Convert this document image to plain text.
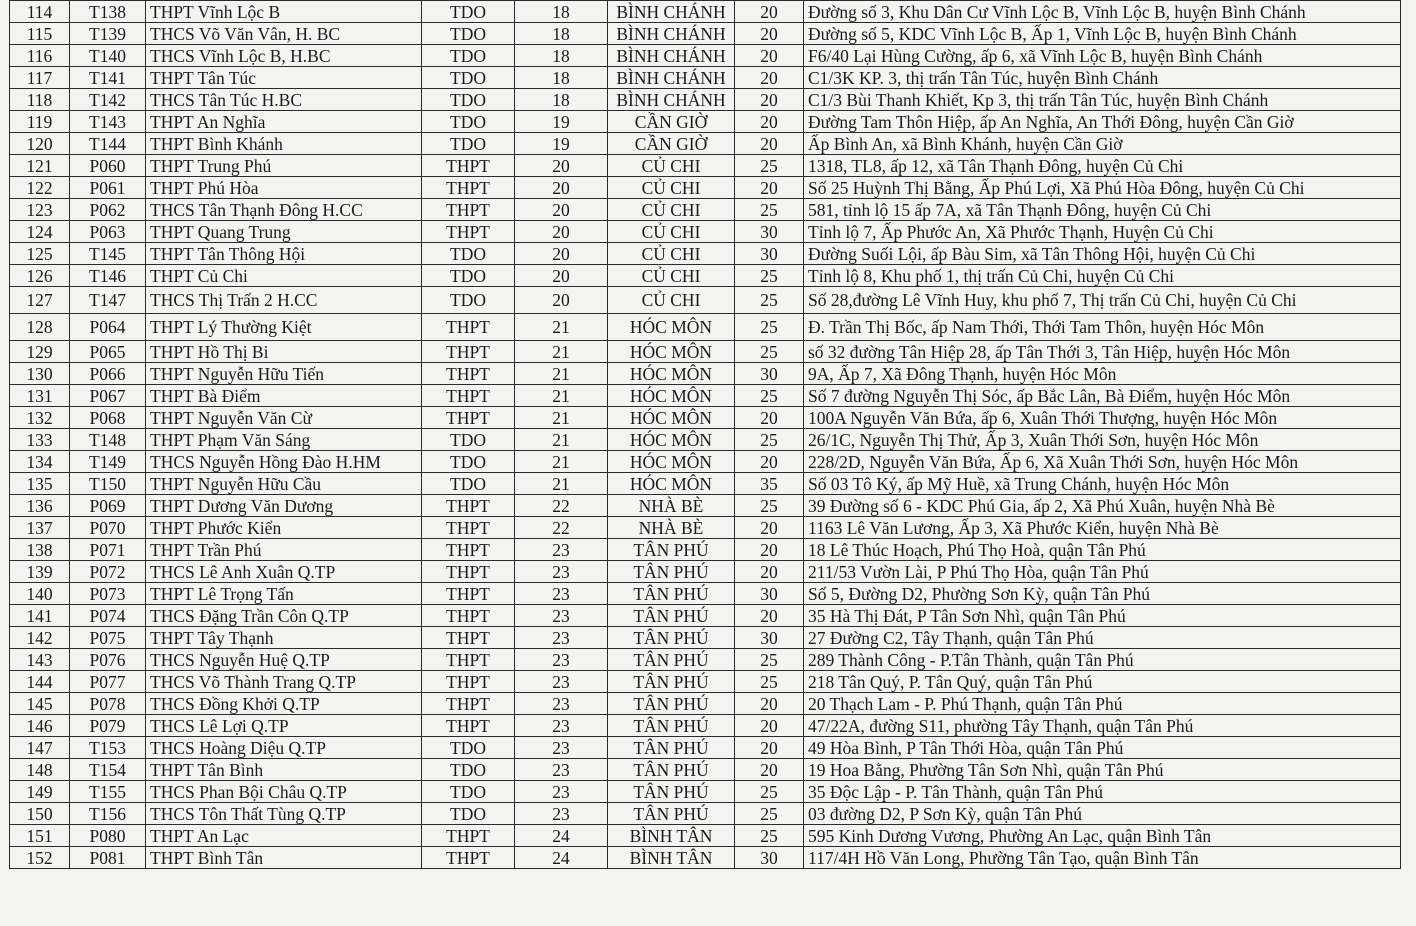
114	T138	THPT Vĩnh Lộc B	TDO	18	BÌNH CHÁNH	20	Đường số 3, Khu Dân Cư Vĩnh Lộc B, Vĩnh Lộc B, huyện Bình Chánh
115	T139	THCS Võ Văn Vân, H. BC	TDO	18	BÌNH CHÁNH	20	Đường số 5, KDC Vĩnh Lộc B, Ấp 1, Vĩnh Lộc B, huyện Bình Chánh
116	T140	THCS Vĩnh Lộc B, H.BC	TDO	18	BÌNH CHÁNH	20	F6/40 Lại Hùng Cường, ấp 6, xã Vĩnh Lộc B, huyện Bình Chánh
117	T141	THPT Tân Túc	TDO	18	BÌNH CHÁNH	20	C1/3K KP. 3, thị trấn Tân Túc, huyện Bình Chánh
118	T142	THCS Tân Túc H.BC	TDO	18	BÌNH CHÁNH	20	C1/3 Bùi Thanh Khiết, Kp 3, thị trấn Tân Túc, huyện Bình Chánh
119	T143	THPT An Nghĩa	TDO	19	CẦN GIỜ	20	Đường Tam Thôn Hiệp, ấp An Nghĩa, An Thới Đông, huyện Cần Giờ
120	T144	THPT Bình Khánh	TDO	19	CẦN GIỜ	20	Ấp Bình An, xã Bình Khánh, huyện Cần Giờ
121	P060	THPT Trung Phú	THPT	20	CỦ CHI	25	1318, TL8, ấp 12, xã Tân Thạnh Đông, huyện Củ Chi
122	P061	THPT Phú Hòa	THPT	20	CỦ CHI	20	Số 25 Huỳnh Thị Bằng, Ấp Phú Lợi, Xã Phú Hòa Đông, huyện Củ Chi
123	P062	THCS Tân Thạnh Đông H.CC	THPT	20	CỦ CHI	25	581, tỉnh lộ 15 ấp 7A, xã Tân Thạnh Đông, huyện Củ Chi
124	P063	THPT Quang Trung	THPT	20	CỦ CHI	30	Tỉnh lộ 7, Ấp Phước An, Xã Phước Thạnh, Huyện Củ Chi
125	T145	THPT Tân Thông Hội	TDO	20	CỦ CHI	30	Đường Suối Lội, ấp Bàu Sim, xã Tân Thông Hội, huyện Củ Chi
126	T146	THPT Củ Chi	TDO	20	CỦ CHI	25	Tỉnh lộ 8, Khu phố 1, thị trấn Củ Chi, huyện Củ Chi
127	T147	THCS Thị Trấn 2 H.CC	TDO	20	CỦ CHI	25	Số 28,đường Lê Vĩnh Huy, khu phố 7, Thị trấn Củ Chi, huyện Củ Chi
128	P064	THPT Lý Thường Kiệt	THPT	21	HÓC MÔN	25	Đ. Trần Thị Bốc, ấp Nam Thới, Thới Tam Thôn, huyện Hóc Môn
129	P065	THPT Hồ Thị Bi	THPT	21	HÓC MÔN	25	số 32 đường Tân Hiệp 28, ấp Tân Thới 3, Tân Hiệp, huyện Hóc Môn
130	P066	THPT Nguyễn Hữu Tiến	THPT	21	HÓC MÔN	30	9A, Ấp 7, Xã Đông Thạnh, huyện Hóc Môn
131	P067	THPT Bà Điểm	THPT	21	HÓC MÔN	25	Số 7 đường Nguyễn Thị Sóc, ấp Bắc Lân, Bà Điểm, huyện Hóc Môn
132	P068	THPT Nguyễn Văn Cừ	THPT	21	HÓC MÔN	20	100A Nguyễn Văn Bứa, ấp 6, Xuân Thới Thượng, huyện Hóc Môn
133	T148	THPT Phạm Văn Sáng	TDO	21	HÓC MÔN	25	26/1C, Nguyễn Thị Thử, Ấp 3, Xuân Thới Sơn, huyện Hóc Môn
134	T149	THCS Nguyễn Hồng Đào H.HM	TDO	21	HÓC MÔN	20	228/2D, Nguyễn Văn Bứa, Ấp 6, Xã Xuân Thới Sơn, huyện Hóc Môn
135	T150	THPT Nguyễn Hữu Cầu	TDO	21	HÓC MÔN	35	Số 03 Tô Ký, ấp Mỹ Huề, xã Trung Chánh, huyện Hóc Môn
136	P069	THPT Dương Văn Dương	THPT	22	NHÀ BÈ	25	39 Đường số 6 - KDC Phú Gia, ấp 2, Xã Phú Xuân, huyện Nhà Bè
137	P070	THPT Phước Kiển	THPT	22	NHÀ BÈ	20	1163 Lê Văn Lương, Ấp 3, Xã Phước Kiển, huyện Nhà Bè
138	P071	THPT Trần Phú	THPT	23	TÂN PHÚ	20	18 Lê Thúc Hoạch, Phú Thọ Hoà, quận Tân Phú
139	P072	THCS Lê Anh Xuân Q.TP	THPT	23	TÂN PHÚ	20	211/53 Vườn Lài, P Phú Thọ Hòa, quận Tân Phú
140	P073	THPT Lê Trọng Tấn	THPT	23	TÂN PHÚ	30	Số 5, Đường D2, Phường Sơn Kỳ, quận Tân Phú
141	P074	THCS Đặng Trần Côn Q.TP	THPT	23	TÂN PHÚ	20	35 Hà Thị Đát, P Tân Sơn Nhì, quận Tân Phú
142	P075	THPT Tây Thạnh	THPT	23	TÂN PHÚ	30	27 Đường C2, Tây Thạnh, quận Tân Phú
143	P076	THCS Nguyễn Huệ Q.TP	THPT	23	TÂN PHÚ	25	289 Thành Công - P.Tân Thành, quận Tân Phú
144	P077	THCS Võ Thành Trang Q.TP	THPT	23	TÂN PHÚ	25	218 Tân Quý, P. Tân Quý, quận Tân Phú
145	P078	THCS Đồng Khởi Q.TP	THPT	23	TÂN PHÚ	20	20 Thạch Lam - P. Phú Thạnh, quận Tân Phú
146	P079	THCS Lê Lợi Q.TP	THPT	23	TÂN PHÚ	20	47/22A, đường S11, phường Tây Thạnh, quận Tân Phú
147	T153	THCS Hoàng Diệu Q.TP	TDO	23	TÂN PHÚ	20	49 Hòa Bình, P Tân Thới Hòa, quận Tân Phú
148	T154	THPT Tân Bình	TDO	23	TÂN PHÚ	20	19 Hoa Bằng, Phường Tân Sơn Nhì, quận Tân Phú
149	T155	THCS Phan Bội Châu Q.TP	TDO	23	TÂN PHÚ	25	35 Độc Lập - P. Tân Thành, quận Tân Phú
150	T156	THCS Tôn Thất Tùng Q.TP	TDO	23	TÂN PHÚ	25	03 đường D2, P Sơn Kỳ, quận Tân Phú
151	P080	THPT An Lạc	THPT	24	BÌNH TÂN	25	595 Kinh Dương Vương, Phường An Lạc, quận Bình Tân
152	P081	THPT Bình Tân	THPT	24	BÌNH TÂN	30	117/4H Hồ Văn Long, Phường Tân Tạo, quận Bình Tân
